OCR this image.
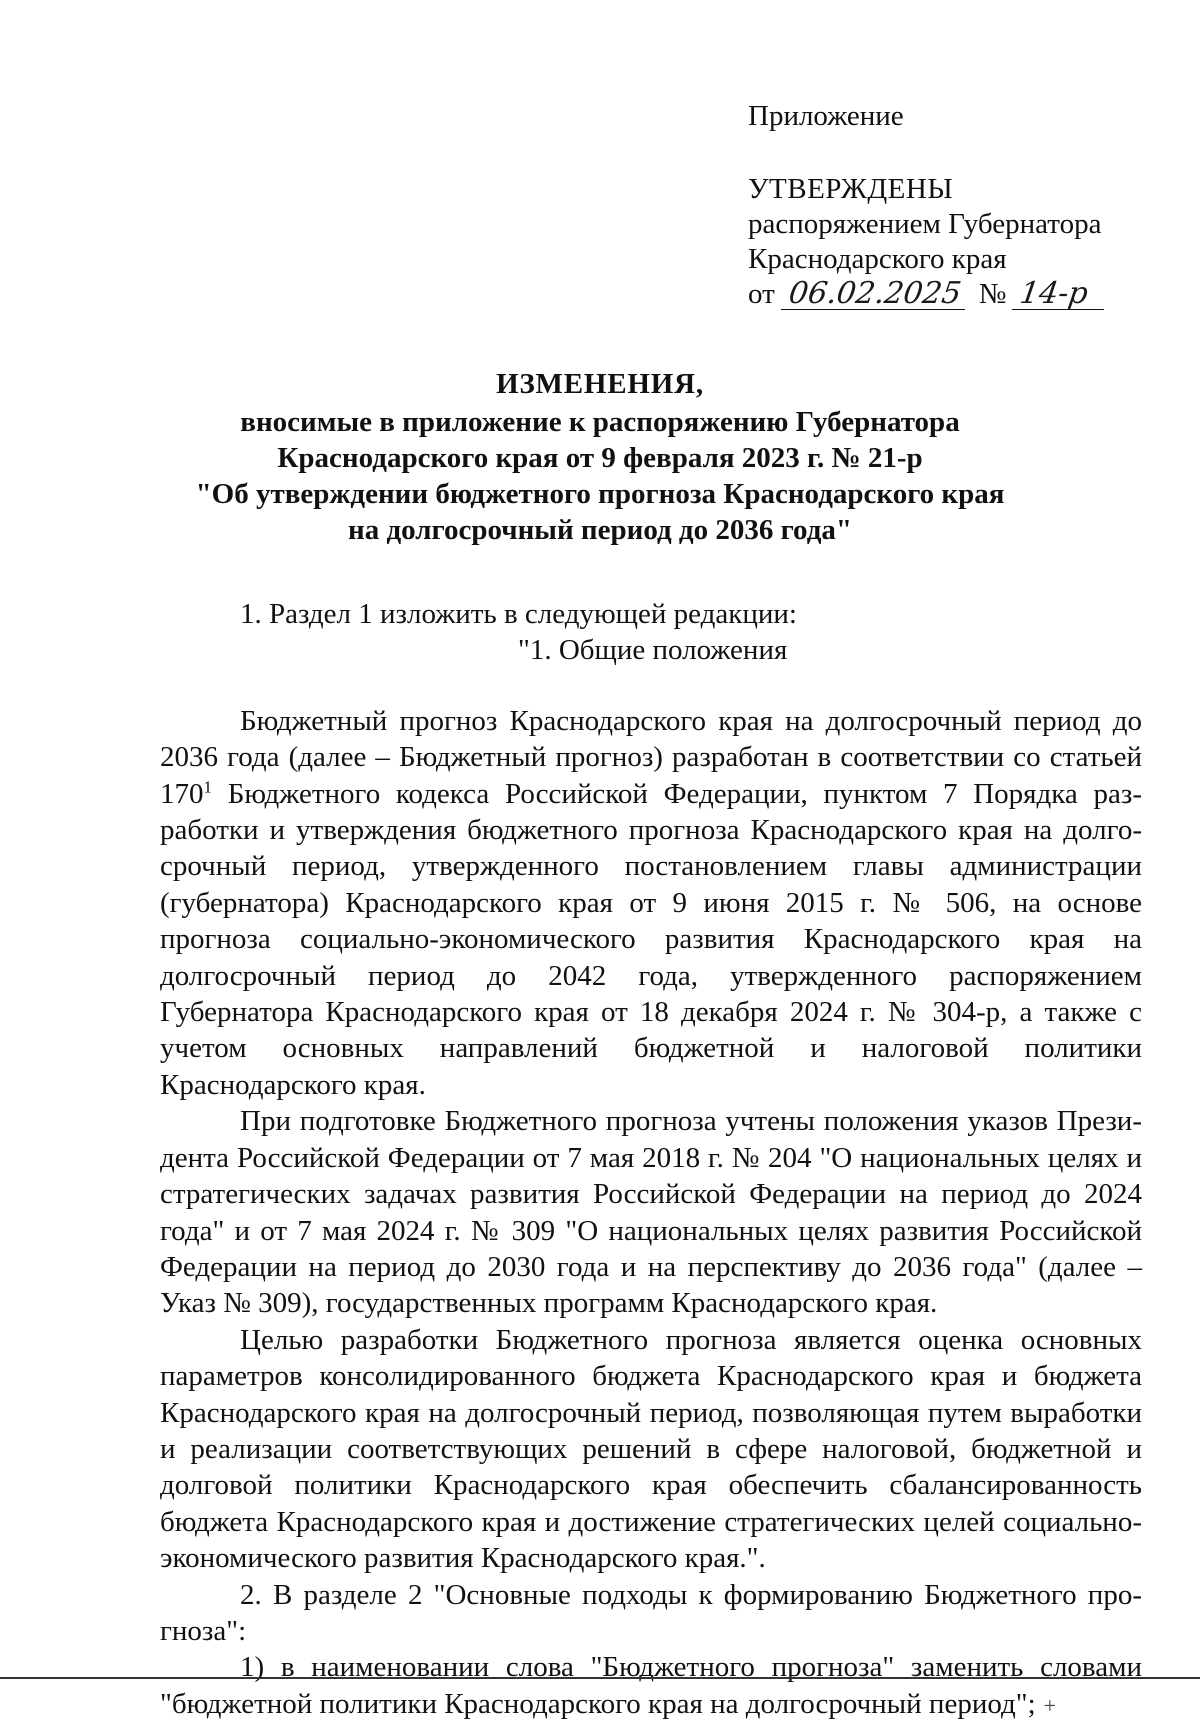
Приложение
УТВЕРЖДЕНЫ
распоряжением Губернатора
Краснодарского края
от 06.02.2025 № 14-р
ИЗМЕНЕНИЯ,
вносимые в приложение к распоряжению Губернатора
Краснодарского края от 9 февраля 2023 г. № 21-р
"Об утверждении бюджетного прогноза Краснодарского края
на долгосрочный период до 2036 года"
1. Раздел 1 изложить в следующей редакции:
"1. Общие положения

Бюджетный прогноз Краснодарского края на долгосрочный период до 2036 года (далее – Бюджетный прогноз) разработан в соответствии со статьей $170^1$ Бюджетного кодекса Российской Федерации, пунктом 7 Порядка разработки и утверждения бюджетного прогноза Краснодарского края на долгосрочный период, утвержденного постановлением главы администрации (губернатора) Краснодарского края от 9 июня 2015 г. № 506, на основе прогноза социально-экономического развития Краснодарского края на долгосрочный период до 2042 года, утвержденного распоряжением Губернатора Краснодарского края от 18 декабря 2024 г. № 304-р, а также с учетом основных направлений бюджетной и налоговой политики Краснодарского края.

При подготовке Бюджетного прогноза учтены положения указов Президента Российской Федерации от 7 мая 2018 г. № 204 "О национальных целях и стратегических задачах развития Российской Федерации на период до 2024 года" и от 7 мая 2024 г. № 309 "О национальных целях развития Российской Федерации на период до 2030 года и на перспективу до 2036 года" (далее – Указ № 309), государственных программ Краснодарского края.

Целью разработки Бюджетного прогноза является оценка основных параметров консолидированного бюджета Краснодарского края и бюджета Краснодарского края на долгосрочный период, позволяющая путем выработки и реализации соответствующих решений в сфере налоговой, бюджетной и долговой политики Краснодарского края обеспечить сбалансированность бюджета Краснодарского края и достижение стратегических целей социально-экономического развития Краснодарского края.".

2. В разделе 2 "Основные подходы к формированию Бюджетного прогноза":

1) в наименовании слова "Бюджетного прогноза" заменить словами "бюджетной политики Краснодарского края на долгосрочный период"; +
